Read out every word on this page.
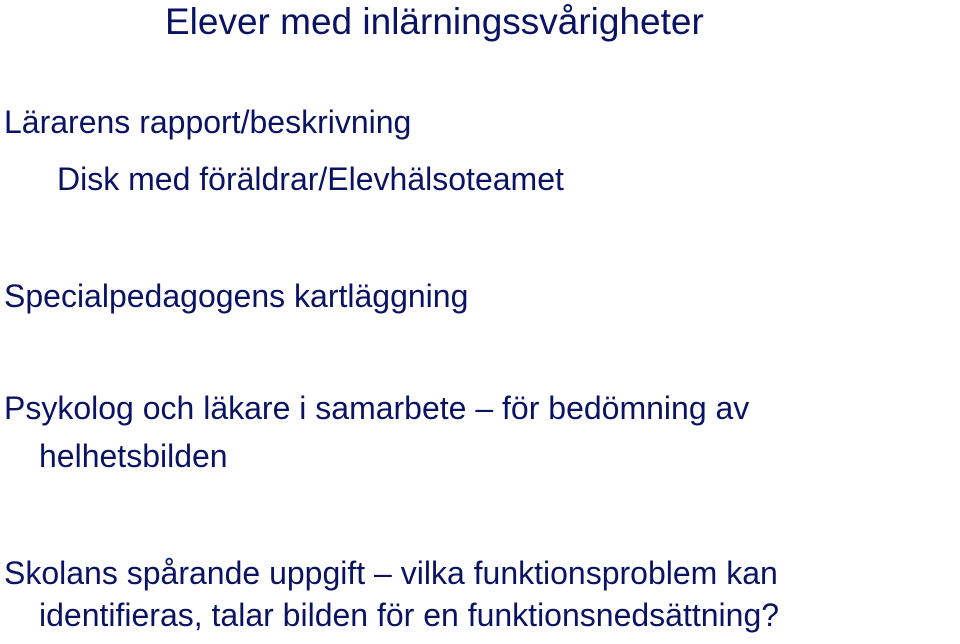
Elever med inlärningssvårigheter
Lärarens rapport/beskrivning
Disk med föräldrar/Elevhälsoteamet
Specialpedagogens kartläggning
Psykolog och läkare i samarbete – för bedömning av
helhetsbilden
Skolans spårande uppgift – vilka funktionsproblem kan
identifieras, talar bilden för en funktionsnedsättning?
